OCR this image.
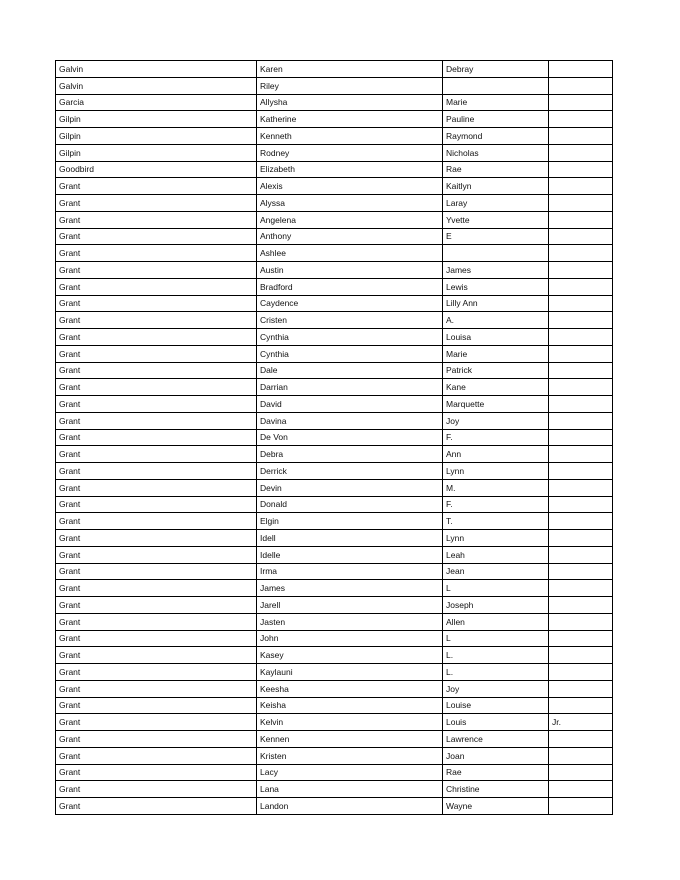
Galvin	Karen	Debray	
Galvin	Riley		
Garcia	Allysha	Marie	
Gilpin	Katherine	Pauline	
Gilpin	Kenneth	Raymond	
Gilpin	Rodney	Nicholas	
Goodbird	Elizabeth	Rae	
Grant	Alexis	Kaitlyn	
Grant	Alyssa	Laray	
Grant	Angelena	Yvette	
Grant	Anthony	E	
Grant	Ashlee		
Grant	Austin	James	
Grant	Bradford	Lewis	
Grant	Caydence	Lilly Ann	
Grant	Cristen	A.	
Grant	Cynthia	Louisa	
Grant	Cynthia	Marie	
Grant	Dale	Patrick	
Grant	Darrian	Kane	
Grant	David	Marquette	
Grant	Davina	Joy	
Grant	De Von	F.	
Grant	Debra	Ann	
Grant	Derrick	Lynn	
Grant	Devin	M.	
Grant	Donald	F.	
Grant	Elgin	T.	
Grant	Idell	Lynn	
Grant	Idelle	Leah	
Grant	Irma	Jean	
Grant	James	L	
Grant	Jarell	Joseph	
Grant	Jasten	Allen	
Grant	John	L	
Grant	Kasey	L.	
Grant	Kaylauni	L.	
Grant	Keesha	Joy	
Grant	Keisha	Louise	
Grant	Kelvin	Louis	Jr.
Grant	Kennen	Lawrence	
Grant	Kristen	Joan	
Grant	Lacy	Rae	
Grant	Lana	Christine	
Grant	Landon	Wayne	
